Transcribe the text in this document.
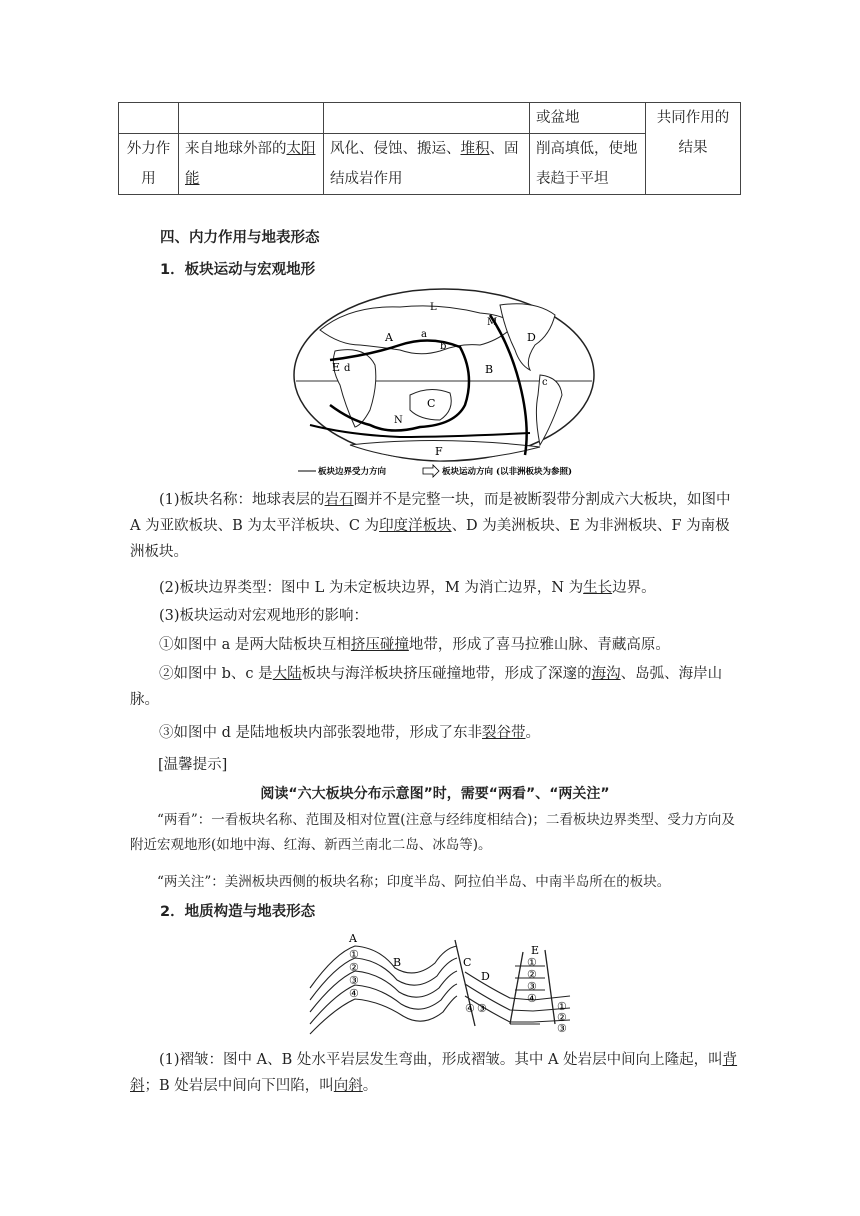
			或盆地	共同作用的结果
外力作用	来自地球外部的太阳能	风化、侵蚀、搬运、堆积、固结成岩作用	削高填低，使地表趋于平坦	
四、内力作用与地表形态
1．板块运动与宏观地形
A
B
C
D
E
F
L
M
N
a
b
c
d
板块边界受力方向	板块运动方向 (以非洲板块为参照)
(1)板块名称：地球表层的岩石圈并不是完整一块，而是被断裂带分割成六大板块，如图中 A 为亚欧板块、B 为太平洋板块、C 为印度洋板块、D 为美洲板块、E 为非洲板块、F 为南极洲板块。
(2)板块边界类型：图中 L 为未定板块边界，M 为消亡边界，N 为生长边界。
(3)板块运动对宏观地形的影响：
①如图中 a 是两大陆板块互相挤压碰撞地带，形成了喜马拉雅山脉、青藏高原。
②如图中 b、c 是大陆板块与海洋板块挤压碰撞地带，形成了深邃的海沟、岛弧、海岸山脉。
③如图中 d 是陆地板块内部张裂地带，形成了东非裂谷带。
[温馨提示]
阅读“六大板块分布示意图”时，需要“两看”、“两关注”
“两看”：一看板块名称、范围及相对位置(注意与经纬度相结合)；二看板块边界类型、受力方向及附近宏观地形(如地中海、红海、新西兰南北二岛、冰岛等)。
“两关注”：美洲板块西侧的板块名称；印度半岛、阿拉伯半岛、中南半岛所在的板块。
2．地质构造与地表形态
A
B	C
D
E
①
②
③
④
①
②
③
④
①
②
③
④ ③
(1)褶皱：图中 A、B 处水平岩层发生弯曲，形成褶皱。其中 A 处岩层中间向上隆起，叫背斜；B 处岩层中间向下凹陷，叫向斜。
